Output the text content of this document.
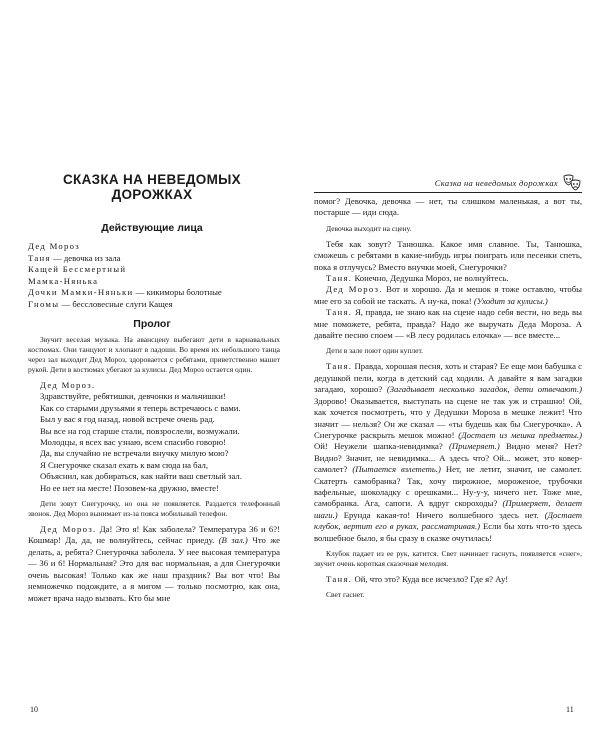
СКАЗКА НА НЕВЕДОМЫХ ДОРОЖКАХ
Действующие лица
Дед Мороз
Таня — девочка из зала
Кащей Бессмертный
Мамка-Нянька
Дочки Мамки-Няньки — кикиморы болотные
Гномы — бессловесные слуги Кащея
Пролог

Звучит веселая музыка. На авансцену выбегают дети в карнавальных костюмах. Они танцуют и хлопают в ладоши. Во время их небольшого танца через зал выходит Дед Мороз, здоровается с ребятами, приветственно машет рукой. Дети в костюмах убегают за кулисы. Дед Мороз остается один.

Дед Мороз.

Здравствуйте, ребятишки, девчонки и мальчишки!
Как со старыми друзьями я теперь встречаюсь с вами.
Был у вас я год назад, новой встрече очень рад.
Вы все на год старше стали, повзрослели, возмужали.
Молодцы, я всех вас узнаю, всем спасибо говорю!
Да, вы случайно не встречали внучку милую мою?
Я Снегурочке сказал ехать к вам сюда на бал,
Объяснил, как добираться, как найти ваш светлый зал.
Но ее нет на месте! Позовем-ка дружно, вместе!

Дети зовут Снегурочку, но она не появляется. Раздается телефонный звонок. Дед Мороз вынимает из-за пояса мобильный телефон.

Дед Мороз. Да! Это я! Как заболела? Температура 36 и 6?! Кошмар! Да, да, не волнуйтесь, сейчас приеду. (В зал.) Что же делать, а, ребята? Снегурочка заболела. У нее высокая температура — 36 и 6! Нормальная? Это для вас нормальная, а для Снегурочки очень высокая! Только как же наш праздник? Вы вот что! Вы немножечко подождите, а я мигом — только посмотрю, как она, может врача надо вызвать. Кто бы мне

10
Сказка на неведомых дорожках

помог? Девочка, девочка — нет, ты слишком маленькая, а вот ты, постарше — иди сюда.

Девочка выходит на сцену.

Тебя как зовут? Танюшка. Какое имя славное. Ты, Танюшка, сможешь с ребятами в какие-нибудь игры поиграть или песенки спеть, пока я отлучусь? Вместо внучки моей, Снегурочки?

Таня. Конечно, Дедушка Мороз, не волнуйтесь.

Дед Мороз. Вот и хорошо. Да и мешок я тоже оставлю, чтобы мне его за собой не таскать. А ну-ка, пока! (Уходит за кулисы.)

Таня. Я, правда, не знаю как на сцене надо себя вести, но ведь вы мне поможете, ребята, правда? Надо же выручать Деда Мороза. А давайте песню споем — «В лесу родилась елочка» — все вместе...

Дети в зале поют один куплет.

Таня. Правда, хорошая песня, хоть и старая? Ее еще мои бабушка с дедушкой пели, когда в детский сад ходили. А давайте я вам загадки загадаю, хорошо? (Загадывает несколько загадок, дети отвечают.) Здорово! Оказывается, выступать на сцене не так уж и страшно! Ой, как хочется посмотреть, что у Дедушки Мороза в мешке лежит! Что значит — нельзя? Он же сказал — «ты будешь как бы Снегурочка». А Снегурочке раскрыть мешок можно! (Достает из мешка предметы.) Ой! Неужели шапка-невидимка? (Примеряет.) Видно меня? Нет? Видно? Значит, не невидимка... А здесь что? Ой... может, это ковер-самолет? (Пытается взлететь.) Нет, не летит, значит, не самолет. Скатерть самобранка? Так, хочу пирожное, мороженое, трубочки вафельные, шоколадку с орешками... Ну-у-у, ничего нет. Тоже мне, самобранка. Ага, сапоги. А вдруг скороходы? (Примеряет, делает шаги.) Ерунда какая-то! Ничего волшебного здесь нет. (Достает клубок, вертит его в руках, рассматривая.) Если бы хоть что-то здесь волшебное было, я бы сразу в сказке очутилась!

Клубок падает из ее рук, катится. Свет начинает гаснуть, появляется «снег», звучит очень короткая сказочная мелодия.

Таня. Ой, что это? Куда все исчезло? Где я? Ау!

Свет гаснет.

11
